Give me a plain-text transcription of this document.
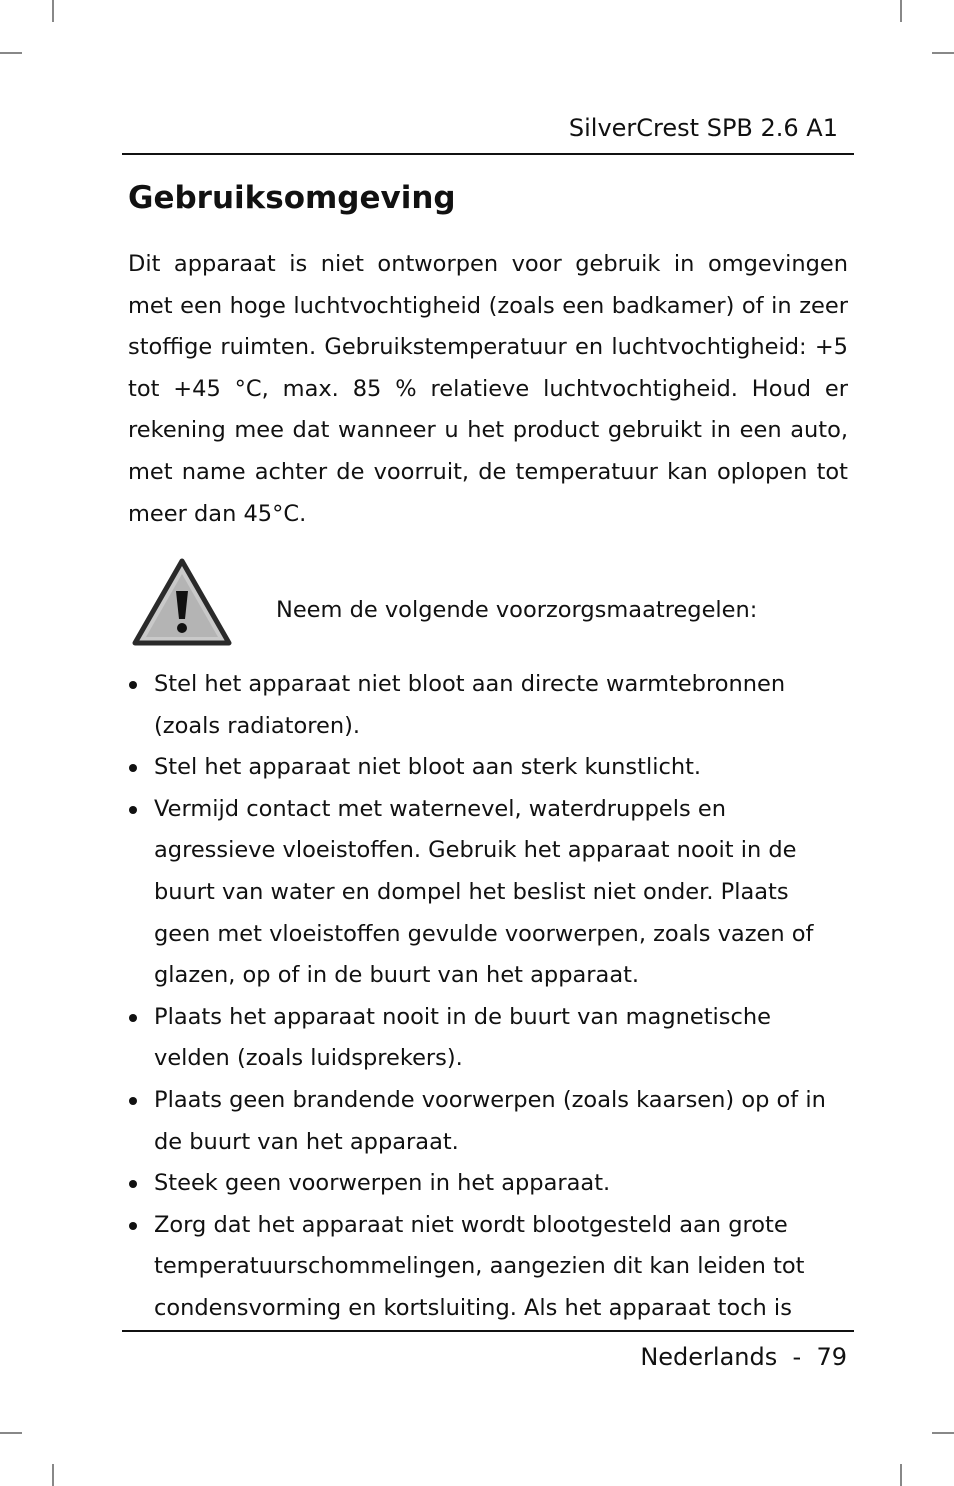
SilverCrest SPB 2.6 A1
Gebruiksomgeving

Dit apparaat is niet ontworpen voor gebruik in omgevingen met een hoge luchtvochtigheid (zoals een badkamer) of in zeer stoffige ruimten. Gebruikstemperatuur en luchtvochtigheid: +5 tot +45 °C, max. 85 % relatieve luchtvochtigheid. Houd er rekening mee dat wanneer u het product gebruikt in een auto, met name achter de voorruit, de temperatuur kan oplopen tot meer dan 45°C.

Neem de volgende voorzorgsmaatregelen:
Stel het apparaat niet bloot aan directe warmtebronnen (zoals radiatoren).
Stel het apparaat niet bloot aan sterk kunstlicht.
Vermijd contact met waternevel, waterdruppels en agressieve vloeistoffen. Gebruik het apparaat nooit in de buurt van water en dompel het beslist niet onder. Plaats geen met vloeistoffen gevulde voorwerpen, zoals vazen of glazen, op of in de buurt van het apparaat.
Plaats het apparaat nooit in de buurt van magnetische velden (zoals luidsprekers).
Plaats geen brandende voorwerpen (zoals kaarsen) op of in de buurt van het apparaat.
Steek geen voorwerpen in het apparaat.
Zorg dat het apparaat niet wordt blootgesteld aan grote temperatuurschommelingen, aangezien dit kan leiden tot condensvorming en kortsluiting. Als het apparaat toch is
Nederlands - 79
